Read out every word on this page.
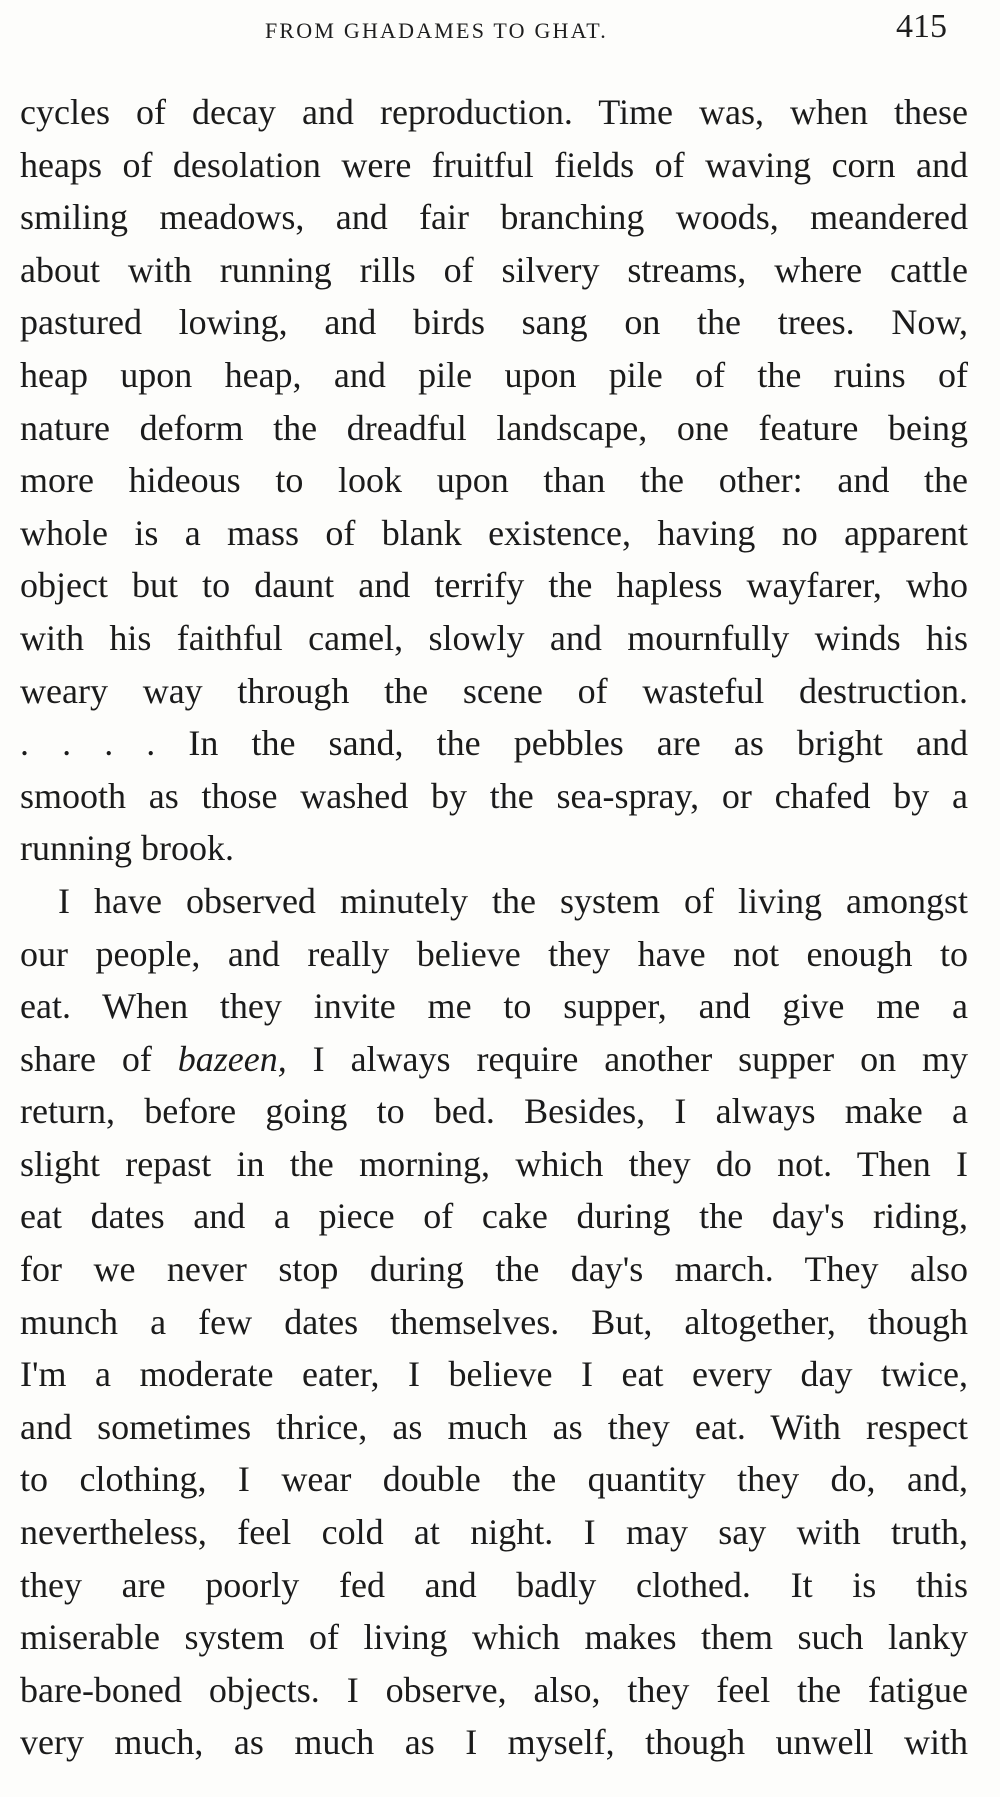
FROM GHADAMES TO GHAT.	415
cycles of decay and reproduction. Time was, when these
heaps of desolation were fruitful fields of waving corn and
smiling meadows, and fair branching woods, meandered
about with running rills of silvery streams, where cattle
pastured lowing, and birds sang on the trees. Now,
heap upon heap, and pile upon pile of the ruins of
nature deform the dreadful landscape, one feature being
more hideous to look upon than the other: and the
whole is a mass of blank existence, having no apparent
object but to daunt and terrify the hapless wayfarer, who
with his faithful camel, slowly and mournfully winds his
weary way through the scene of wasteful destruction.
. . . . In the sand, the pebbles are as bright and
smooth as those washed by the sea-spray, or chafed by a
running brook.
I have observed minutely the system of living amongst
our people, and really believe they have not enough to
eat. When they invite me to supper, and give me a
share of bazeen, I always require another supper on my
return, before going to bed. Besides, I always make a
slight repast in the morning, which they do not. Then I
eat dates and a piece of cake during the day's riding,
for we never stop during the day's march. They also
munch a few dates themselves. But, altogether, though
I'm a moderate eater, I believe I eat every day twice,
and sometimes thrice, as much as they eat. With respect
to clothing, I wear double the quantity they do, and,
nevertheless, feel cold at night. I may say with truth,
they are poorly fed and badly clothed. It is this
miserable system of living which makes them such lanky
bare-boned objects. I observe, also, they feel the fatigue
very much, as much as I myself, though unwell with
